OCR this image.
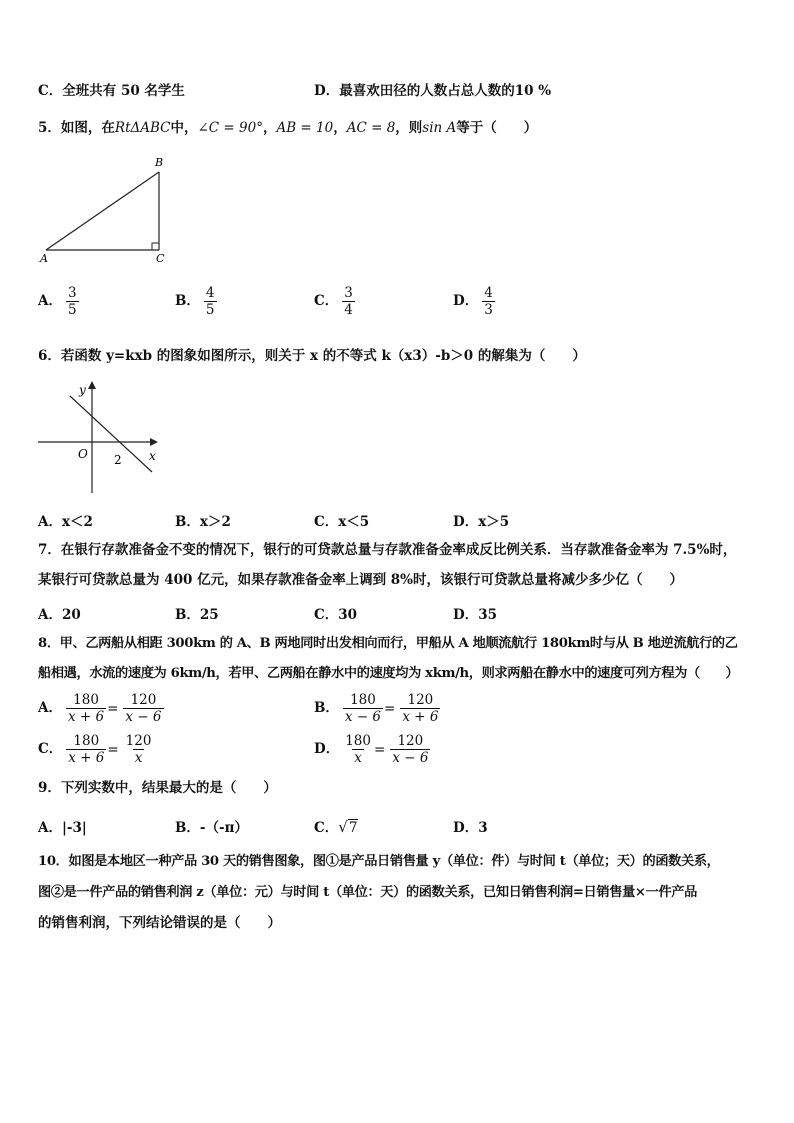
C．全班共有 50 名学生	D．最喜欢田径的人数占总人数的10 %
5．如图，在RtΔABC中，∠C = 90°，AB = 10，AC = 8，则sin A等于（　　）
A
B
C
A． $\frac{3}{5}$	B． $\frac{4}{5}$	C． $\frac{3}{4}$	D． $\frac{4}{3}$
6．若函数 y=kxb 的图象如图所示，则关于 x 的不等式 k（x3）-b＞0 的解集为（　　）
y
x
O 2
A．x＜2	B．x＞2	C．x＜5	D．x＞5
7．在银行存款准备金不变的情况下，银行的可贷款总量与存款准备金率成反比例关系．当存款准备金率为 7.5%时，
某银行可贷款总量为 400 亿元，如果存款准备金率上调到 8%时，该银行可贷款总量将减少多少亿（　　）
A．20	B．25	C．30	D．35
8．甲、乙两船从相距 300km 的 A、B 两地同时出发相向而行，甲船从 A 地顺流航行 180km时与从 B 地逆流航行的乙
船相遇，水流的速度为 6km/h，若甲、乙两船在静水中的速度均为 xkm/h，则求两船在静水中的速度可列方程为（　　）
A． $\frac{180}{x + 6} = \frac{120}{x - 6}$	B． $\frac{180}{x - 6} = \frac{120}{x + 6}$
C． $\frac{180}{x + 6} = \frac{120}{x}$	D． $\frac{180}{x} = \frac{120}{x - 6}$
9．下列实数中，结果最大的是（　　）
A．|-3|	B．-（-π）	C．√7	D．3
10．如图是本地区一种产品 30 天的销售图象，图①是产品日销售量 y（单位：件）与时间 t（单位；天）的函数关系，
图②是一件产品的销售利润 z（单位：元）与时间 t（单位：天）的函数关系，已知日销售利润=日销售量×一件产品
的销售利润，下列结论错误的是（　　）
